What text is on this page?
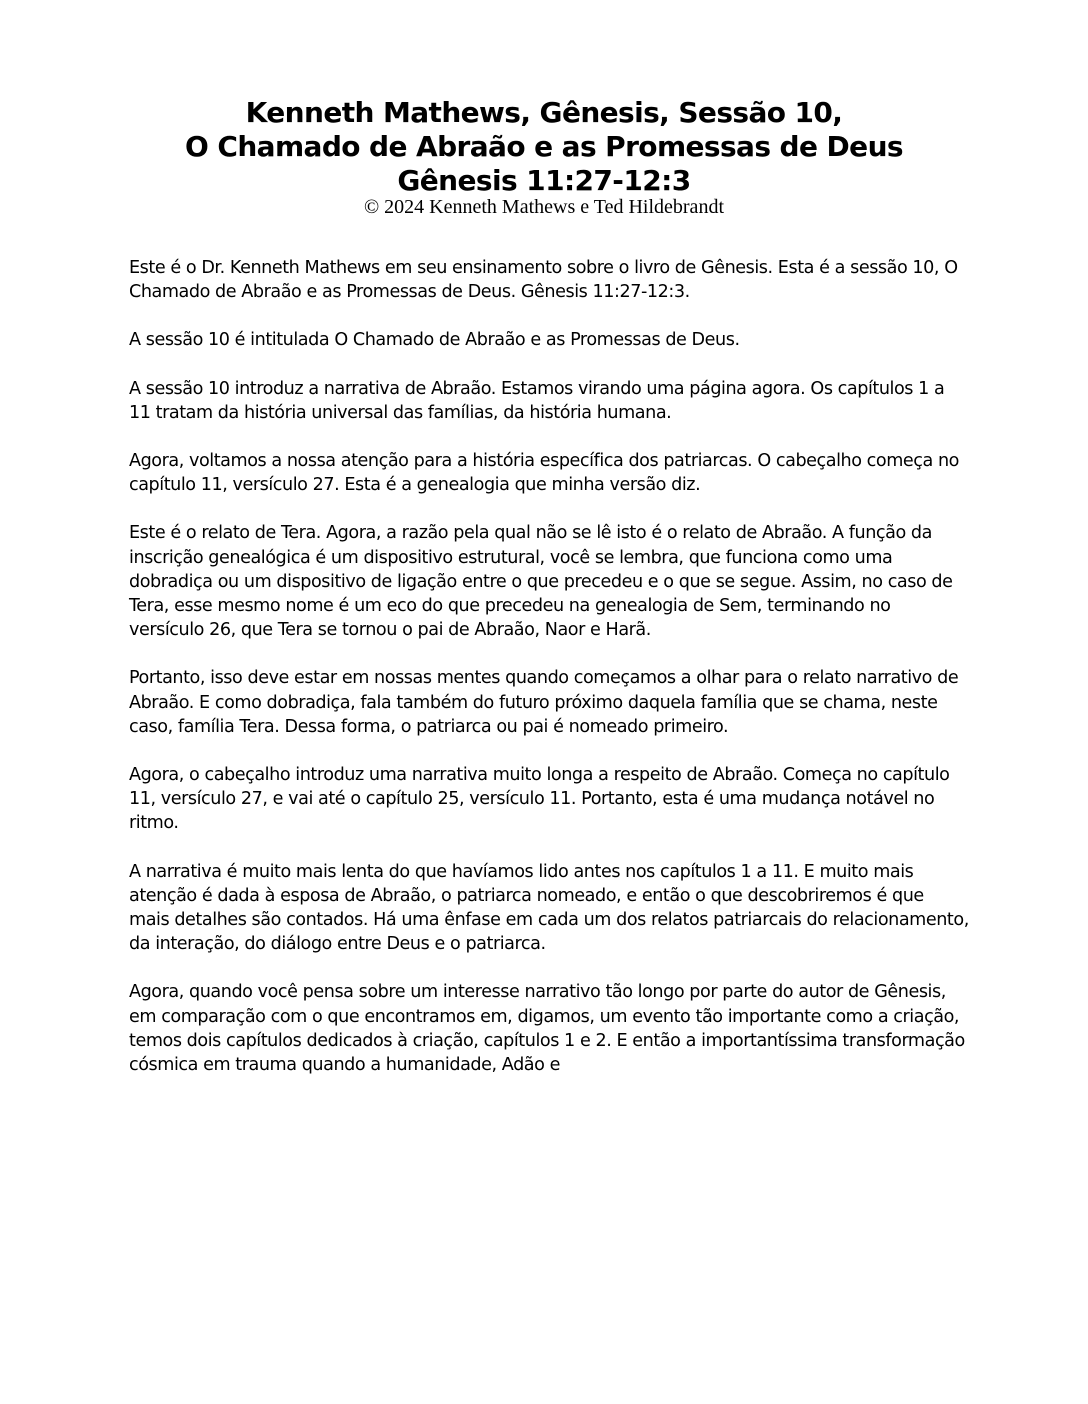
Kenneth Mathews, Gênesis, Sessão 10,

O Chamado de Abraão e as Promessas de Deus

Gênesis 11:27-12:3

© 2024 Kenneth Mathews e Ted Hildebrandt

Este é o Dr. Kenneth Mathews em seu ensinamento sobre o livro de Gênesis. Esta é a sessão 10, O Chamado de Abraão e as Promessas de Deus. Gênesis 11:27-12:3.

A sessão 10 é intitulada O Chamado de Abraão e as Promessas de Deus.

A sessão 10 introduz a narrativa de Abraão. Estamos virando uma página agora. Os capítulos 1 a 11 tratam da história universal das famílias, da história humana.

Agora, voltamos a nossa atenção para a história específica dos patriarcas. O cabeçalho começa no capítulo 11, versículo 27. Esta é a genealogia que minha versão diz.

Este é o relato de Tera. Agora, a razão pela qual não se lê isto é o relato de Abraão. A função da inscrição genealógica é um dispositivo estrutural, você se lembra, que funciona como uma dobradiça ou um dispositivo de ligação entre o que precedeu e o que se segue. Assim, no caso de Tera, esse mesmo nome é um eco do que precedeu na genealogia de Sem, terminando no versículo 26, que Tera se tornou o pai de Abraão, Naor e Harã.

Portanto, isso deve estar em nossas mentes quando começamos a olhar para o relato narrativo de Abraão. E como dobradiça, fala também do futuro próximo daquela família que se chama, neste caso, família Tera. Dessa forma, o patriarca ou pai é nomeado primeiro.

Agora, o cabeçalho introduz uma narrativa muito longa a respeito de Abraão. Começa no capítulo 11, versículo 27, e vai até o capítulo 25, versículo 11. Portanto, esta é uma mudança notável no ritmo.

A narrativa é muito mais lenta do que havíamos lido antes nos capítulos 1 a 11. E muito mais atenção é dada à esposa de Abraão, o patriarca nomeado, e então o que descobriremos é que mais detalhes são contados. Há uma ênfase em cada um dos relatos patriarcais do relacionamento, da interação, do diálogo entre Deus e o patriarca.

Agora, quando você pensa sobre um interesse narrativo tão longo por parte do autor de Gênesis, em comparação com o que encontramos em, digamos, um evento tão importante como a criação, temos dois capítulos dedicados à criação, capítulos 1 e 2. E então a importantíssima transformação cósmica em trauma quando a humanidade, Adão e
